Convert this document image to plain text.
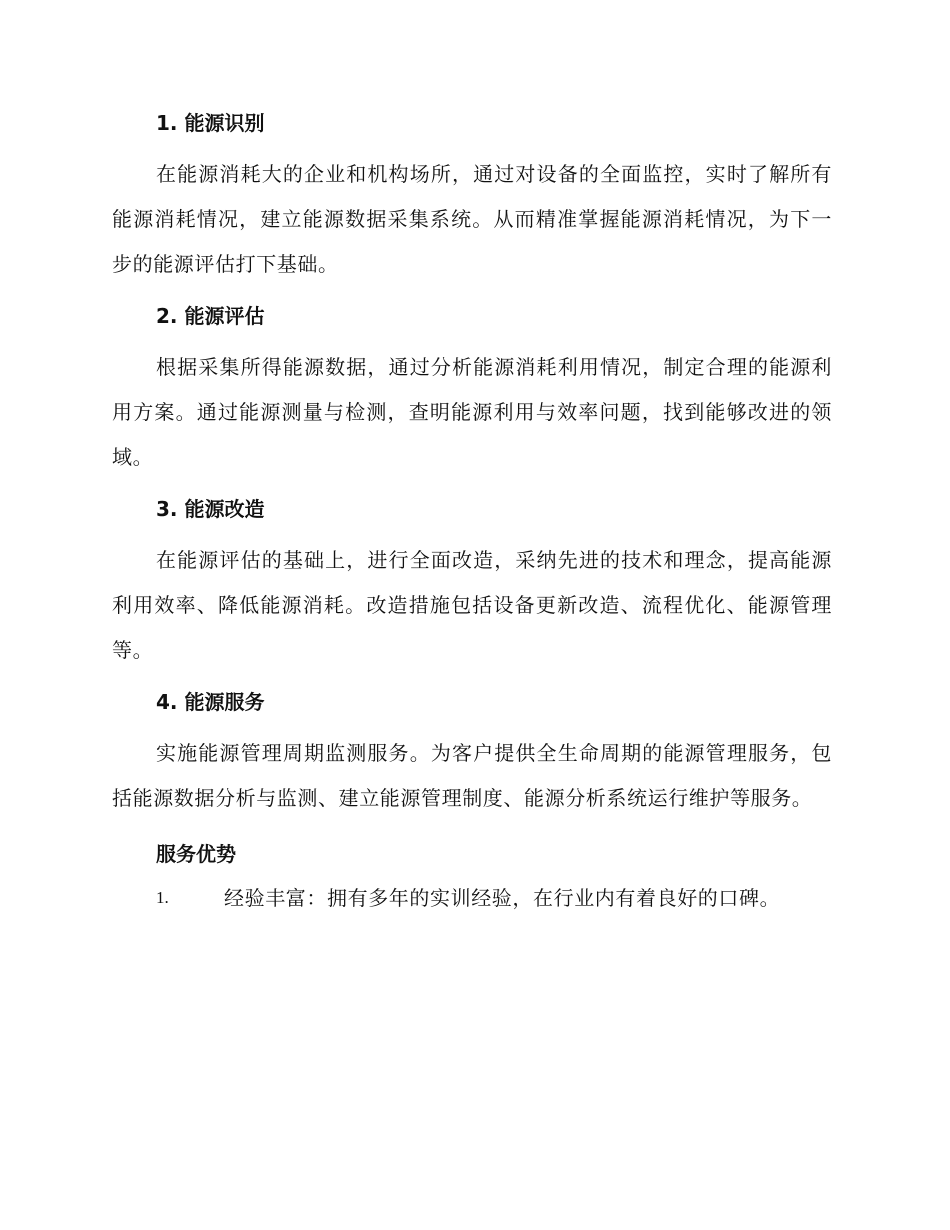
1. 能源识别

在能源消耗大的企业和机构场所，通过对设备的全面监控，实时了解所有能源消耗情况，建立能源数据采集系统。从而精准掌握能源消耗情况，为下一步的能源评估打下基础。

2. 能源评估

根据采集所得能源数据，通过分析能源消耗利用情况，制定合理的能源利用方案。通过能源测量与检测，查明能源利用与效率问题，找到能够改进的领域。

3. 能源改造

在能源评估的基础上，进行全面改造，采纳先进的技术和理念，提高能源利用效率、降低能源消耗。改造措施包括设备更新改造、流程优化、能源管理等。

4. 能源服务

实施能源管理周期监测服务。为客户提供全生命周期的能源管理服务，包括能源数据分析与监测、建立能源管理制度、能源分析系统运行维护等服务。

服务优势
1.	经验丰富：拥有多年的实训经验，在行业内有着良好的口碑。
